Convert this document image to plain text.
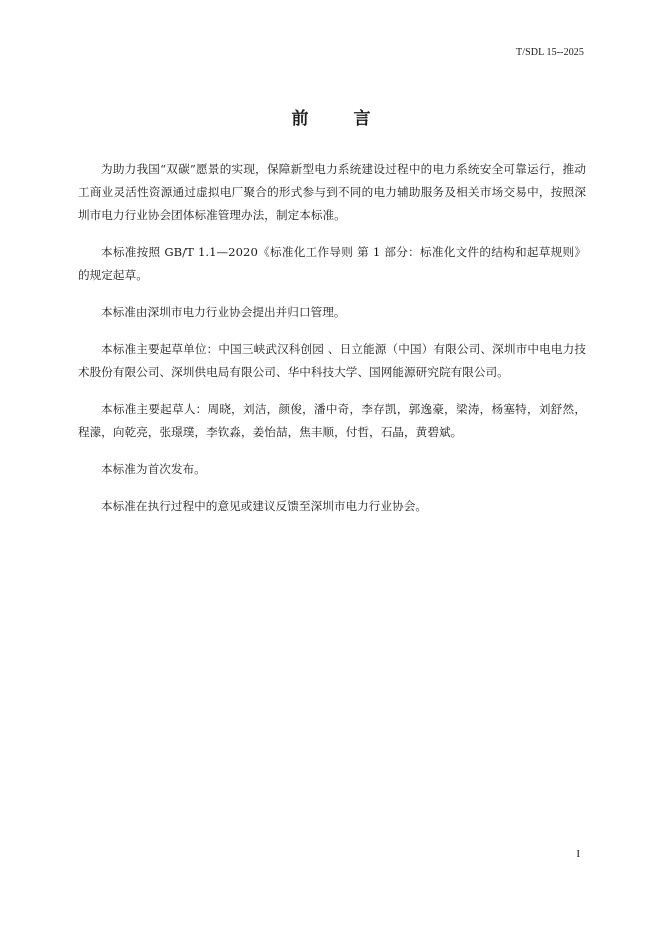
T/SDL 15--2025
前　言

为助力我国“双碳”愿景的实现，保障新型电力系统建设过程中的电力系统安全可靠运行，推动工商业灵活性资源通过虚拟电厂聚合的形式参与到不同的电力辅助服务及相关市场交易中，按照深圳市电力行业协会团体标准管理办法，制定本标准。

本标准按照 GB/T 1.1—2020《标准化工作导则 第 1 部分：标准化文件的结构和起草规则》的规定起草。

本标准由深圳市电力行业协会提出并归口管理。

本标准主要起草单位：中国三峡武汉科创园 、日立能源（中国）有限公司、深圳市中电电力技术股份有限公司、深圳供电局有限公司、华中科技大学、国网能源研究院有限公司。

本标准主要起草人：周晓，刘洁，颜俊，潘中奇，李存凯，郭逸豪，梁涛，杨塞特，刘舒然，程濛，向乾亮，张璟璞，李钦淼，姜怡喆，焦丰顺，付哲，石晶，黄碧斌。

本标准为首次发布。

本标准在执行过程中的意见或建议反馈至深圳市电力行业协会。

I
